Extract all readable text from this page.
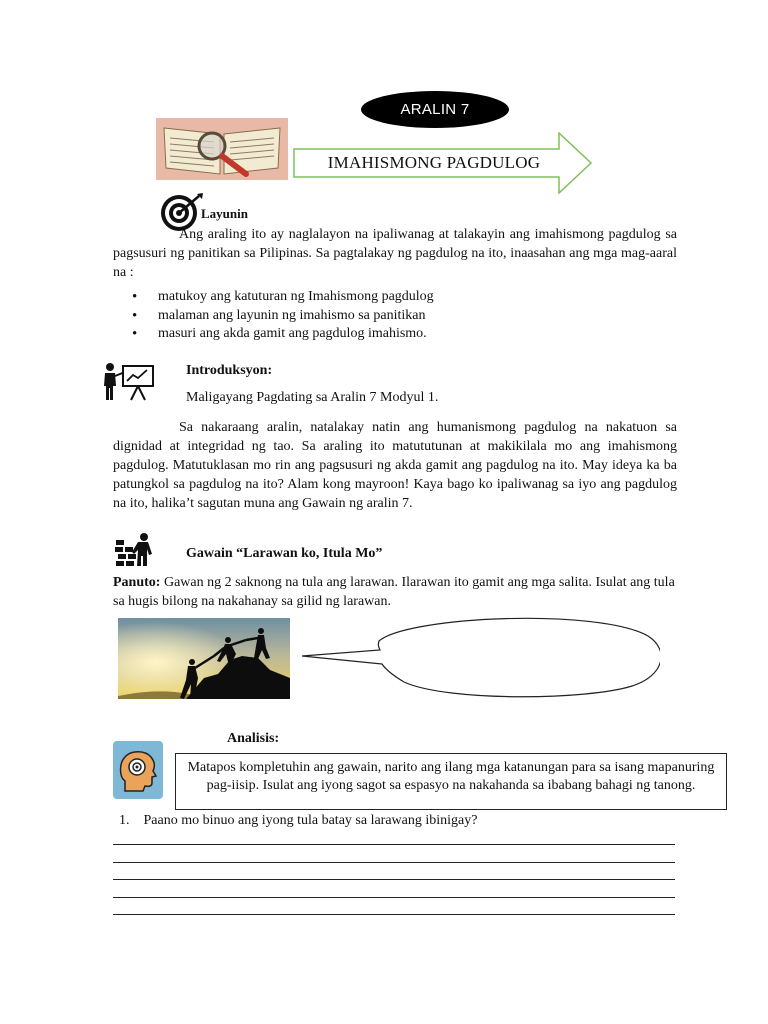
ARALIN 7
IMAHISMONG PAGDULOG
Layunin
Ang araling ito ay naglalayon na ipaliwanag at talakayin ang imahismong pagdulog sa pagsusuri ng panitikan sa Pilipinas. Sa pagtalakay ng pagdulog na ito, inaasahan ang mga mag-aaral na :
• matukoy ang katuturan ng Imahismong pagdulog
• malaman ang layunin ng imahismo sa panitikan
• masuri ang akda gamit ang pagdulog imahismo.
Introduksyon:
Maligayang Pagdating sa Aralin 7 Modyul 1.
Sa nakaraang aralin, natalakay natin ang humanismong pagdulog na nakatuon sa dignidad at integridad ng tao. Sa araling ito matututunan at makikilala mo ang imahismong pagdulog. Matutuklasan mo rin ang pagsusuri ng akda gamit ang pagdulog na ito. May ideya ka ba patungkol sa pagdulog na ito? Alam kong mayroon! Kaya bago ko ipaliwanag sa iyo ang pagdulog na ito, halika’t sagutan muna ang Gawain ng aralin 7.
Gawain “Larawan ko, Itula Mo”
Panuto: Gawan ng 2 saknong na tula ang larawan. Ilarawan ito gamit ang mga salita. Isulat ang tula sa hugis bilong na nakahanay sa gilid ng larawan.
Analisis:
Matapos kompletuhin ang gawain, narito ang ilang mga katanungan para sa isang mapanuring pag-iisip. Isulat ang iyong sagot sa espasyo na nakahanda sa ibabang bahagi ng tanong.
1. Paano mo binuo ang iyong tula batay sa larawang ibinigay?
